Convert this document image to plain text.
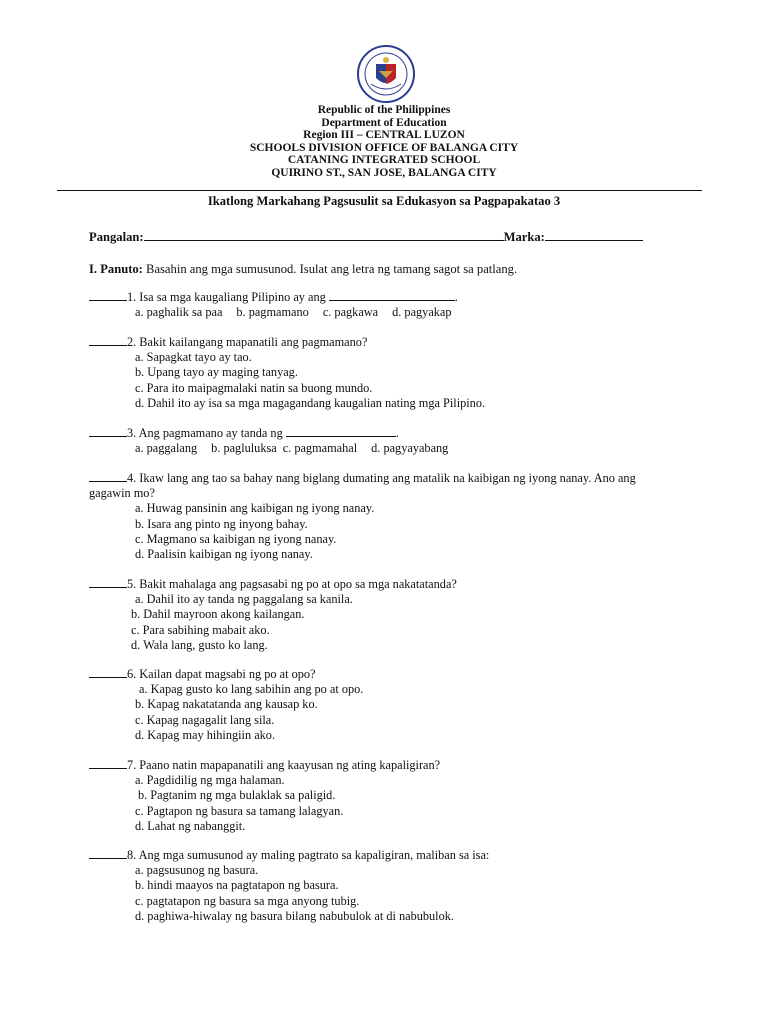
Republic of the Philippines
Department of Education
Region III – CENTRAL LUZON
SCHOOLS DIVISION OFFICE OF BALANGA CITY
CATANING INTEGRATED SCHOOL
QUIRINO ST., SAN JOSE, BALANGA CITY
Ikatlong Markahang Pagsusulit sa Edukasyon sa Pagpapakatao 3
Pangalan:	Marka:
I. Panuto: Basahin ang mga sumusunod. Isulat ang letra ng tamang sagot sa patlang.
1. Isa sa mga kaugaliang Pilipino ay ang	.
a. paghalik sa paa b. pagmamano c. pagkawa d. pagyakap
2. Bakit kailangang mapanatili ang pagmamano?
a. Sapagkat tayo ay tao.
b. Upang tayo ay maging tanyag.
c. Para ito maipagmalaki natin sa buong mundo.
d. Dahil ito ay isa sa mga magagandang kaugalian nating mga Pilipino.
3. Ang pagmamano ay tanda ng	.
a. paggalang b. pagluluksa c. pagmamahal d. pagyayabang
4. Ikaw lang ang tao sa bahay nang biglang dumating ang matalik na kaibigan ng iyong nanay. Ano ang gagawin mo?
a. Huwag pansinin ang kaibigan ng iyong nanay.
b. Isara ang pinto ng inyong bahay.
c. Magmano sa kaibigan ng iyong nanay.
d. Paalisin kaibigan ng iyong nanay.
5. Bakit mahalaga ang pagsasabi ng po at opo sa mga nakatatanda?
a. Dahil ito ay tanda ng paggalang sa kanila.
b. Dahil mayroon akong kailangan.
c. Para sabihing mabait ako.
d. Wala lang, gusto ko lang.
6. Kailan dapat magsabi ng po at opo?
a. Kapag gusto ko lang sabihin ang po at opo.
b. Kapag nakatatanda ang kausap ko.
c. Kapag nagagalit lang sila.
d. Kapag may hihingiin ako.
7. Paano natin mapapanatili ang kaayusan ng ating kapaligiran?
a. Pagdidilig ng mga halaman.
b. Pagtanim ng mga bulaklak sa paligid.
c. Pagtapon ng basura sa tamang lalagyan.
d. Lahat ng nabanggit.
8. Ang mga sumusunod ay maling pagtrato sa kapaligiran, maliban sa isa:
a. pagsusunog ng basura.
b. hindi maayos na pagtatapon ng basura.
c. pagtatapon ng basura sa mga anyong tubig.
d. paghiwa-hiwalay ng basura bilang nabubulok at di nabubulok.
